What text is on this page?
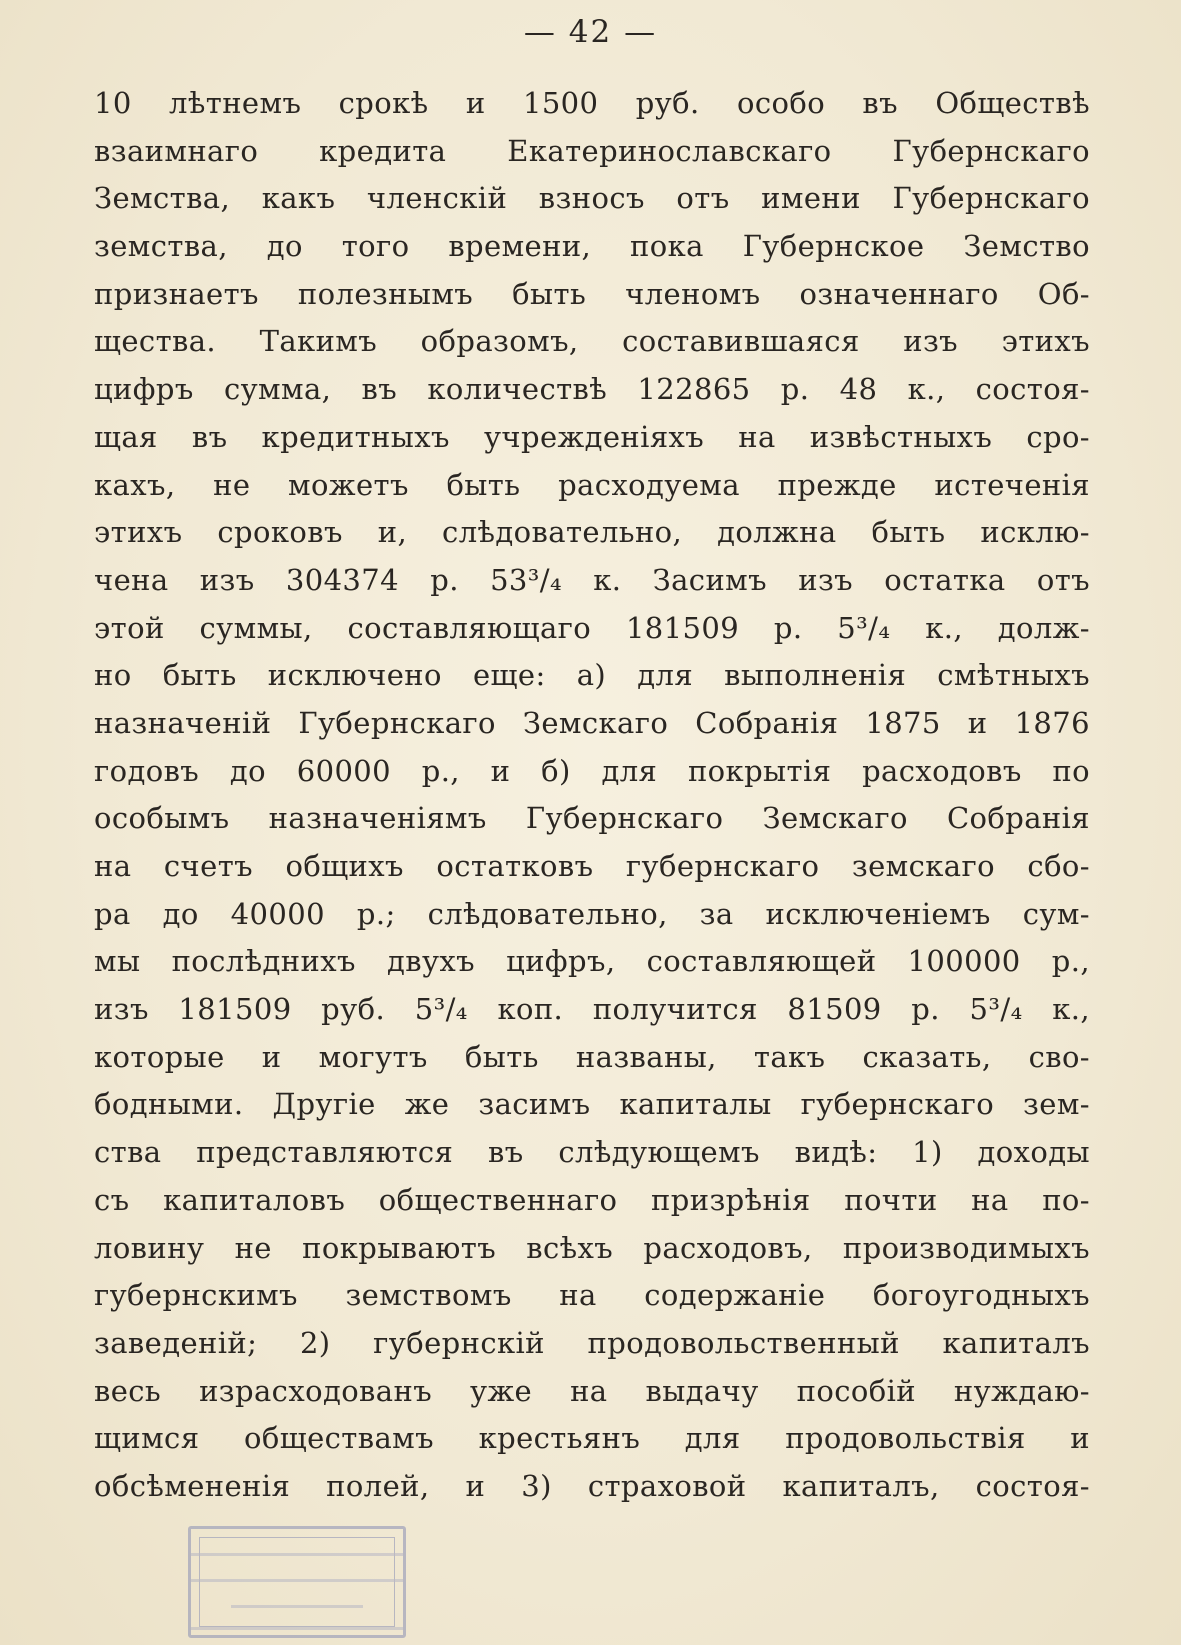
— 42 —
10 лѣтнемъ срокѣ и 1500 руб. особо въ Обществѣ
взаимнаго кредита Екатеринославскаго Губернскаго
Земства, какъ членскій взносъ отъ имени Губернскаго
земства, до того времени, пока Губернское Земство
признаетъ полезнымъ быть членомъ означеннаго Об-
щества. Такимъ образомъ, составившаяся изъ этихъ
цифръ сумма, въ количествѣ 122865 р. 48 к., состоя-
щая въ кредитныхъ учрежденіяхъ на извѣстныхъ сро-
кахъ, не можетъ быть расходуема прежде истеченія
этихъ сроковъ и, слѣдовательно, должна быть исклю-
чена изъ 304374 р. 53³/₄ к. Засимъ изъ остатка отъ
этой суммы, составляющаго 181509 р. 5³/₄ к., долж-
но быть исключено еще: а) для выполненія смѣтныхъ
назначеній Губернскаго Земскаго Собранія 1875 и 1876
годовъ до 60000 р., и б) для покрытія расходовъ по
особымъ назначеніямъ Губернскаго Земскаго Собранія
на счетъ общихъ остатковъ губернскаго земскаго сбо-
ра до 40000 р.; слѣдовательно, за исключеніемъ сум-
мы послѣднихъ двухъ цифръ, составляющей 100000 р.,
изъ 181509 руб. 5³/₄ коп. получится 81509 р. 5³/₄ к.,
которые и могутъ быть названы, такъ сказать, сво-
бодными. Другіе же засимъ капиталы губернскаго зем-
ства представляются въ слѣдующемъ видѣ: 1) доходы
съ капиталовъ общественнаго призрѣнія почти на по-
ловину не покрываютъ всѣхъ расходовъ, производимыхъ
губернскимъ земствомъ на содержаніе богоугодныхъ
заведеній; 2) губернскій продовольственный капиталъ
весь израсходованъ уже на выдачу пособій нуждаю-
щимся обществамъ крестьянъ для продовольствія и
обсѣмененія полей, и 3) страховой капиталъ, состоя-
